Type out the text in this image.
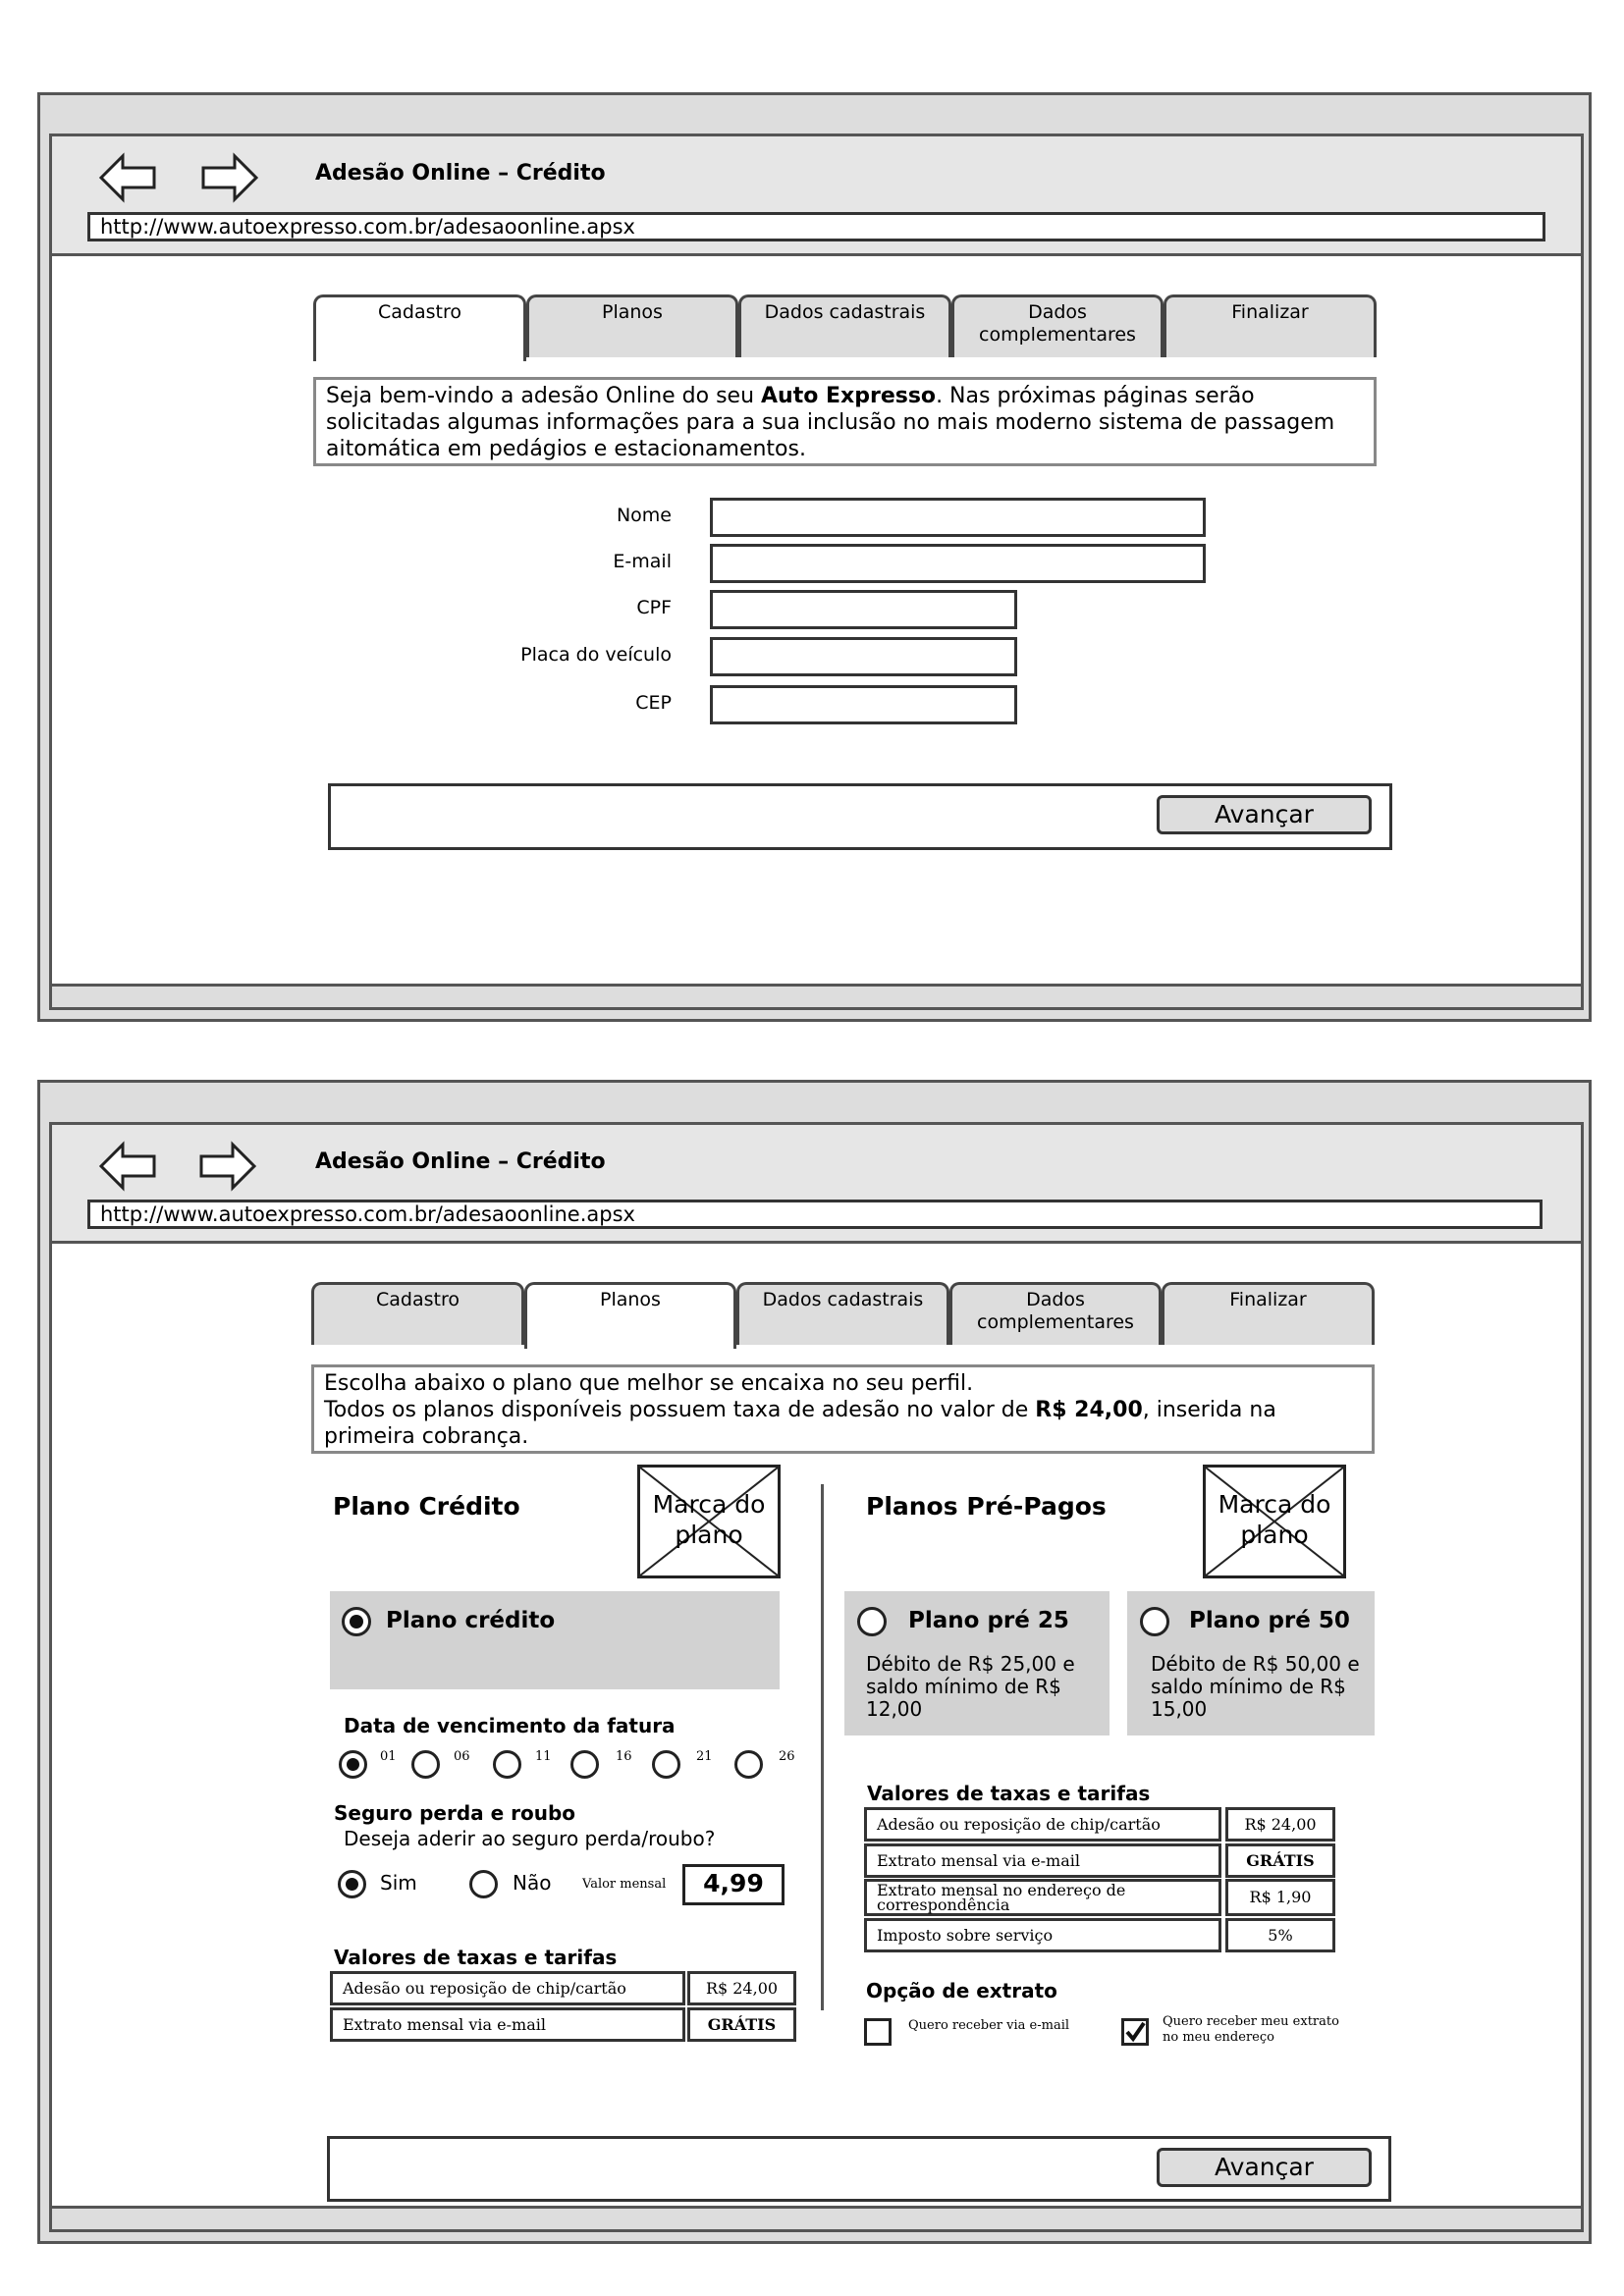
Adesão Online – Crédito
http://www.autoexpresso.com.br/adesaoonline.apsx
Cadastro	Planos	Dados cadastrais	Dados
complementares
Finalizar
Seja bem-vindo a adesão Online do seu Auto Expresso. Nas próximas páginas serão solicitadas algumas informações para a sua inclusão no mais moderno sistema de passagem aitomática em pedágios e estacionamentos.
Nome
E-mail
CPF
Placa do veículo
CEP
Avançar
Adesão Online – Crédito
http://www.autoexpresso.com.br/adesaoonline.apsx
Cadastro	Planos	Dados cadastrais	Dados
complementares
Finalizar
Escolha abaixo o plano que melhor se encaixa no seu perfil.
Todos os planos disponíveis possuem taxa de adesão no valor de R$ 24,00, inserida na primeira cobrança.
Plano Crédito	Marca do
plano
Plano crédito
Data de vencimento da fatura
01	06	11	16	21	26
Seguro perda e roubo
Deseja aderir ao seguro perda/roubo?
Sim	Não Valor mensal	4,99
Valores de taxas e tarifas
Adesão ou reposição de chip/cartão	R$ 24,00
Extrato mensal via e-mail	GRÁTIS
Planos Pré-Pagos	Marca do
plano
Plano pré 25
Débito de R$ 25,00 e saldo mínimo de R$ 12,00
Plano pré 50
Débito de R$ 50,00 e saldo mínimo de R$ 15,00
Valores de taxas e tarifas
Adesão ou reposição de chip/cartão	R$ 24,00
Extrato mensal via e-mail	GRÁTIS
Extrato mensal no endereço de correspondência	R$ 1,90
Imposto sobre serviço	5%
Opção de extrato
Quero receber via e-mail	Quero receber meu extrato
no meu endereço
Avançar
